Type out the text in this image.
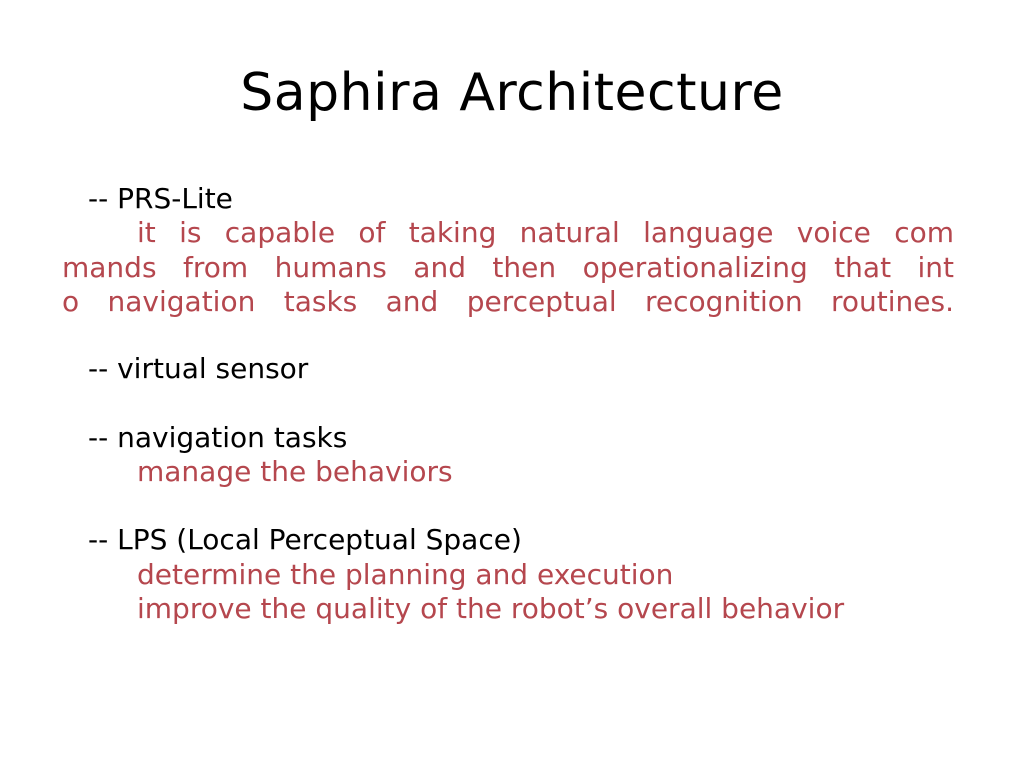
Saphira Architecture
-- PRS-Lite
it is capable of taking natural language voice com
mands from humans and then operationalizing that int
o navigation tasks and perceptual recognition routines.
-- virtual sensor
-- navigation tasks
manage the behaviors
-- LPS (Local Perceptual Space)
determine the planning and execution
improve the quality of the robot’s overall behavior
